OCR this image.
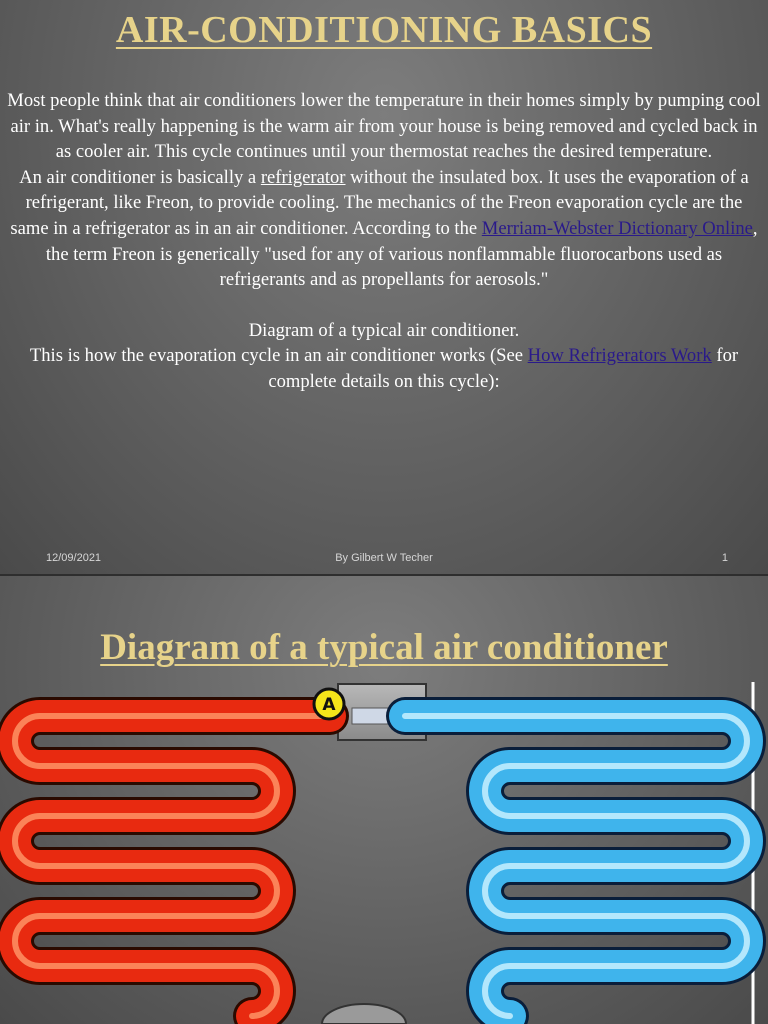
AIR-CONDITIONING BASICS

Most people think that air conditioners lower the temperature in their homes simply by pumping cool air in. What's really happening is the warm air from your house is being removed and cycled back in as cooler air. This cycle continues until your thermostat reaches the desired temperature.

An air conditioner is basically a refrigerator without the insulated box. It uses the evaporation of a refrigerant, like Freon, to provide cooling. The mechanics of the Freon evaporation cycle are the same in a refrigerator as in an air conditioner. According to the Merriam-Webster Dictionary Online, the term Freon is generically "used for any of various nonflammable fluorocarbons used as refrigerants and as propellants for aerosols."

Diagram of a typical air conditioner.

This is how the evaporation cycle in an air conditioner works (See How Refrigerators Work for complete details on this cycle):

12/09/2021	By Gilbert W Techer	1
Diagram of a typical air conditioner
A
